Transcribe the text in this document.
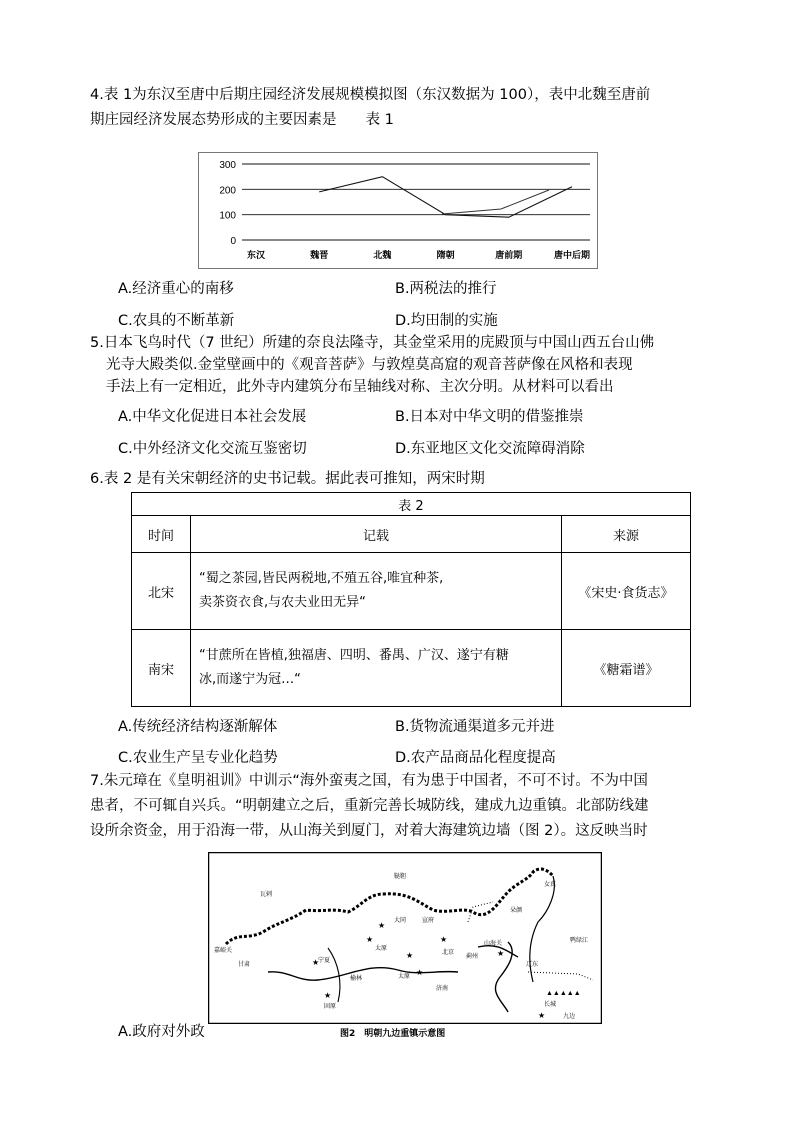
4.表 1为东汉至唐中后期庄园经济发展规模模拟图（东汉数据为 100），表中北魏至唐前
期庄园经济发展态势形成的主要因素是　　表 1
0
100
200
300
东汉	魏晋	北魏	隋朝	唐前期	唐中后期
A.经济重心的南移	B.两税法的推行
C.农具的不断革新	D.均田制的实施
5.日本飞鸟时代（7 世纪）所建的奈良法隆寺，其金堂采用的庑殿顶与中国山西五台山佛
光寺大殿类似.金堂壁画中的《观音菩萨》与敦煌莫高窟的观音菩萨像在风格和表现
手法上有一定相近，此外寺内建筑分布呈轴线对称、主次分明。从材料可以看出
A.中华文化促进日本社会发展	B.日本对中华文明的借鉴推崇
C.中外经济文化交流互鉴密切	D.东亚地区文化交流障碍消除
6.表 2 是有关宋朝经济的史书记载。据此表可推知，两宋时期
表 2		
时间	记载	来源
北宋	“蜀之茶园,皆民两税地,不殖五谷,唯宜种茶,
卖茶资衣食,与农夫业田无异“	《宋史·食货志》
南宋	“甘蔗所在皆植,独福唐、四明、番禺、广汉、遂宁有糖
冰,而遂宁为冠…“	《糖霜谱》
A.传统经济结构逐渐解体	B.货物流通渠道多元并进
C.农业生产呈专业化趋势	D.农产品商品化程度提高
7.朱元璋在《皇明祖训》中训示“海外蛮夷之国，有为患于中国者，不可不讨。不为中国
患者，不可辄自兴兵。“明朝建立之后，重新完善长城防线，建成九边重镇。北部防线建
设所余资金，用于沿海一带，从山海关到厦门，对着大海建筑边墙（图 2）。这反映当时
★
★
★
★
★
★
★
★
★
鞑靼
瓦剌
女真
朵颜
大同	宣府
北京
蓟州
山海关
辽东
甘肃
宁夏
太原
榆林
固原
太原
济南
鸭绿江
嘉峪关
长城
九边
▲▲▲▲▲
A.政府对外政	图2　明朝九边重镇示意图
